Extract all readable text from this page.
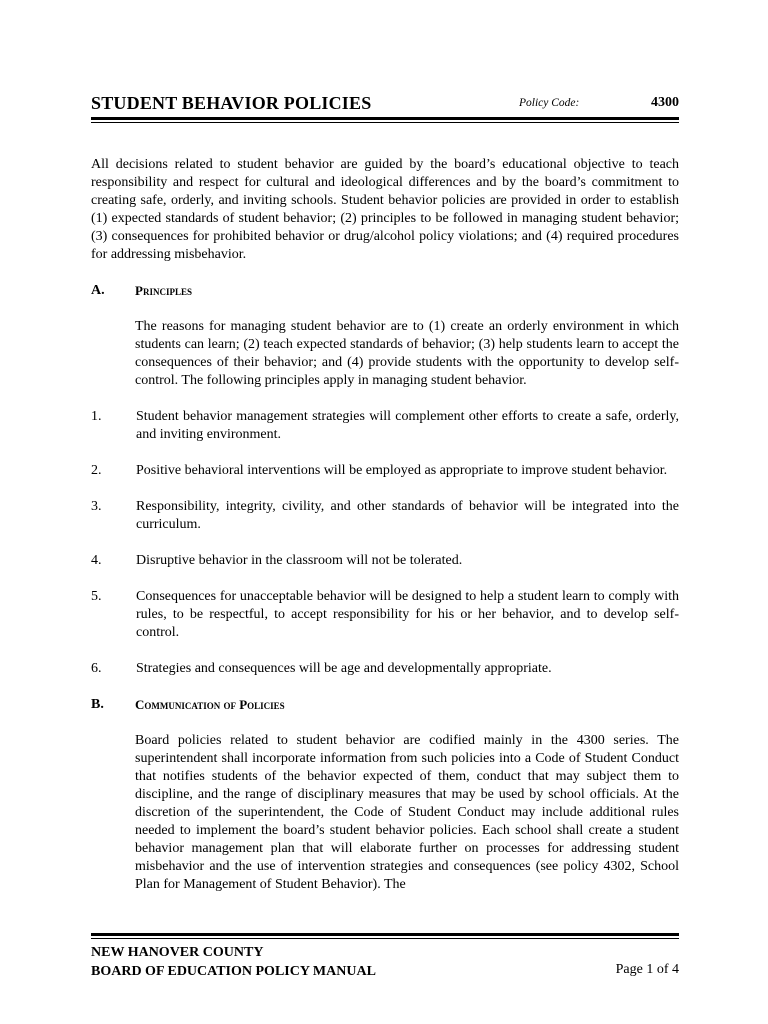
STUDENT BEHAVIOR POLICIES	Policy Code:	4300

All decisions related to student behavior are guided by the board’s educational objective to teach responsibility and respect for cultural and ideological differences and by the board’s commitment to creating safe, orderly, and inviting schools. Student behavior policies are provided in order to establish (1) expected standards of student behavior; (2) principles to be followed in managing student behavior; (3) consequences for prohibited behavior or drug/alcohol policy violations; and (4) required procedures for addressing misbehavior.

A.	Principles

The reasons for managing student behavior are to (1) create an orderly environment in which students can learn; (2) teach expected standards of behavior; (3) help students learn to accept the consequences of their behavior; and (4) provide students with the opportunity to develop self-control. The following principles apply in managing student behavior.

1.	Student behavior management strategies will complement other efforts to create a safe, orderly, and inviting environment.
2.	Positive behavioral interventions will be employed as appropriate to improve student behavior.
3.	Responsibility, integrity, civility, and other standards of behavior will be integrated into the curriculum.
4.	Disruptive behavior in the classroom will not be tolerated.
5.	Consequences for unacceptable behavior will be designed to help a student learn to comply with rules, to be respectful, to accept responsibility for his or her behavior, and to develop self-control.
6.	Strategies and consequences will be age and developmentally appropriate.
B.	Communication of Policies

Board policies related to student behavior are codified mainly in the 4300 series. The superintendent shall incorporate information from such policies into a Code of Student Conduct that notifies students of the behavior expected of them, conduct that may subject them to discipline, and the range of disciplinary measures that may be used by school officials. At the discretion of the superintendent, the Code of Student Conduct may include additional rules needed to implement the board’s student behavior policies. Each school shall create a student behavior management plan that will elaborate further on processes for addressing student misbehavior and the use of intervention strategies and consequences (see policy 4302, School Plan for Management of Student Behavior). The

NEW HANOVER COUNTY
BOARD OF EDUCATION POLICY MANUAL	Page 1 of 4
